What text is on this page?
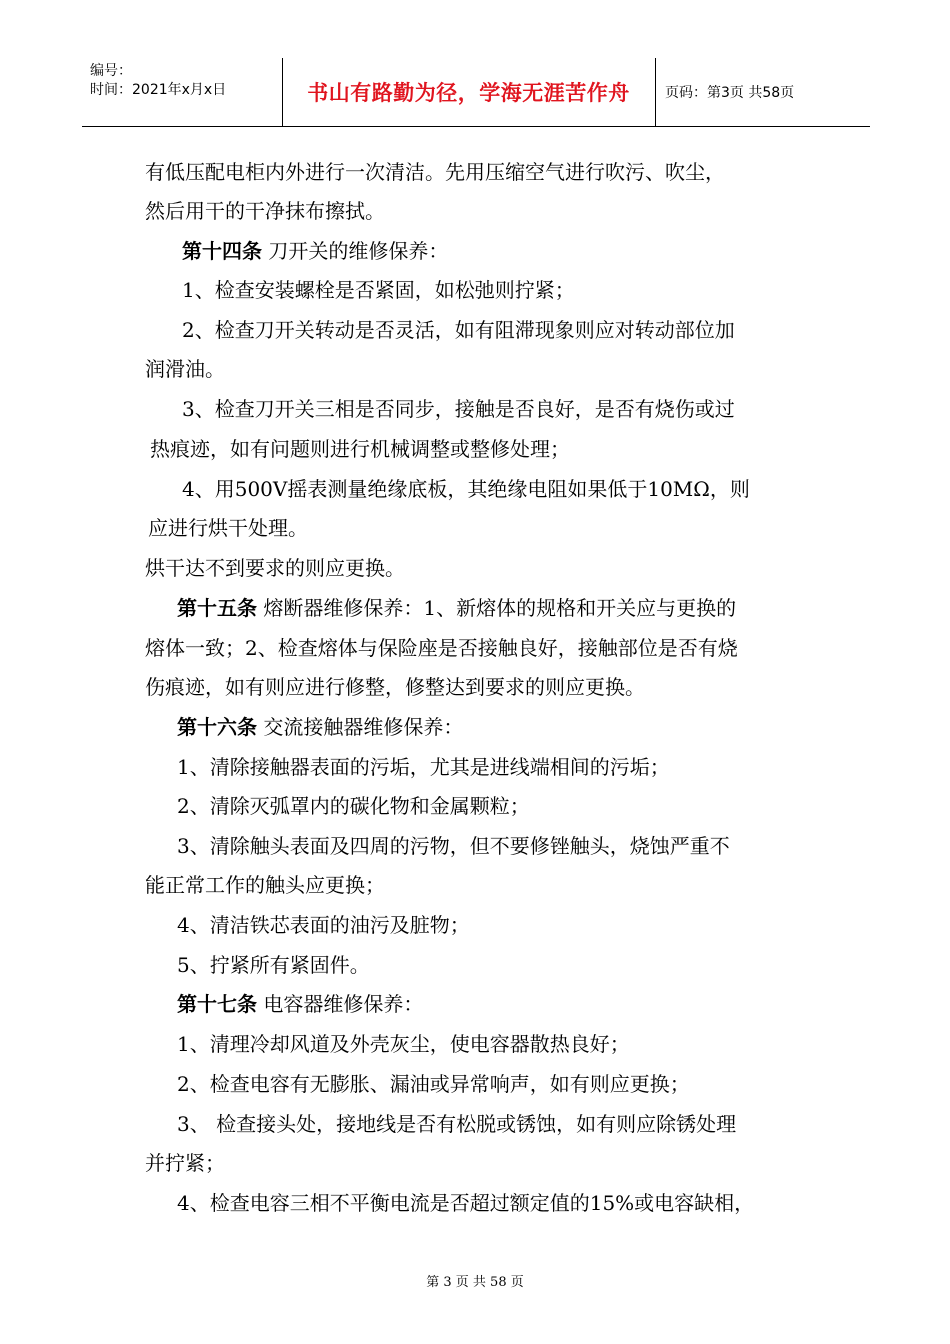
编号：
时间：2021年x月x日	书山有路勤为径，学海无涯苦作舟	页码：第3页 共58页
有低压配电柜内外进行一次清洁。先用压缩空气进行吹污、吹尘，
然后用干的干净抹布擦拭。
第十四条 刀开关的维修保养：
1、检查安装螺栓是否紧固，如松弛则拧紧；
2、检查刀开关转动是否灵活，如有阻滞现象则应对转动部位加
润滑油。
3、检查刀开关三相是否同步，接触是否良好，是否有烧伤或过
热痕迹，如有问题则进行机械调整或整修处理；
4、用500V摇表测量绝缘底板，其绝缘电阻如果低于10MΩ，则
应进行烘干处理。
烘干达不到要求的则应更换。
第十五条 熔断器维修保养：1、新熔体的规格和开关应与更换的
熔体一致；2、检查熔体与保险座是否接触良好，接触部位是否有烧
伤痕迹，如有则应进行修整，修整达到要求的则应更换。
第十六条 交流接触器维修保养：
1、清除接触器表面的污垢，尤其是进线端相间的污垢；
2、清除灭弧罩内的碳化物和金属颗粒；
3、清除触头表面及四周的污物，但不要修锉触头，烧蚀严重不
能正常工作的触头应更换；
4、清洁铁芯表面的油污及脏物；
5、拧紧所有紧固件。
第十七条 电容器维修保养：
1、清理冷却风道及外壳灰尘，使电容器散热良好；
2、检查电容有无膨胀、漏油或异常响声，如有则应更换；
3、 检查接头处，接地线是否有松脱或锈蚀，如有则应除锈处理
并拧紧；
4、检查电容三相不平衡电流是否超过额定值的15%或电容缺相，
第 3 页 共 58 页
